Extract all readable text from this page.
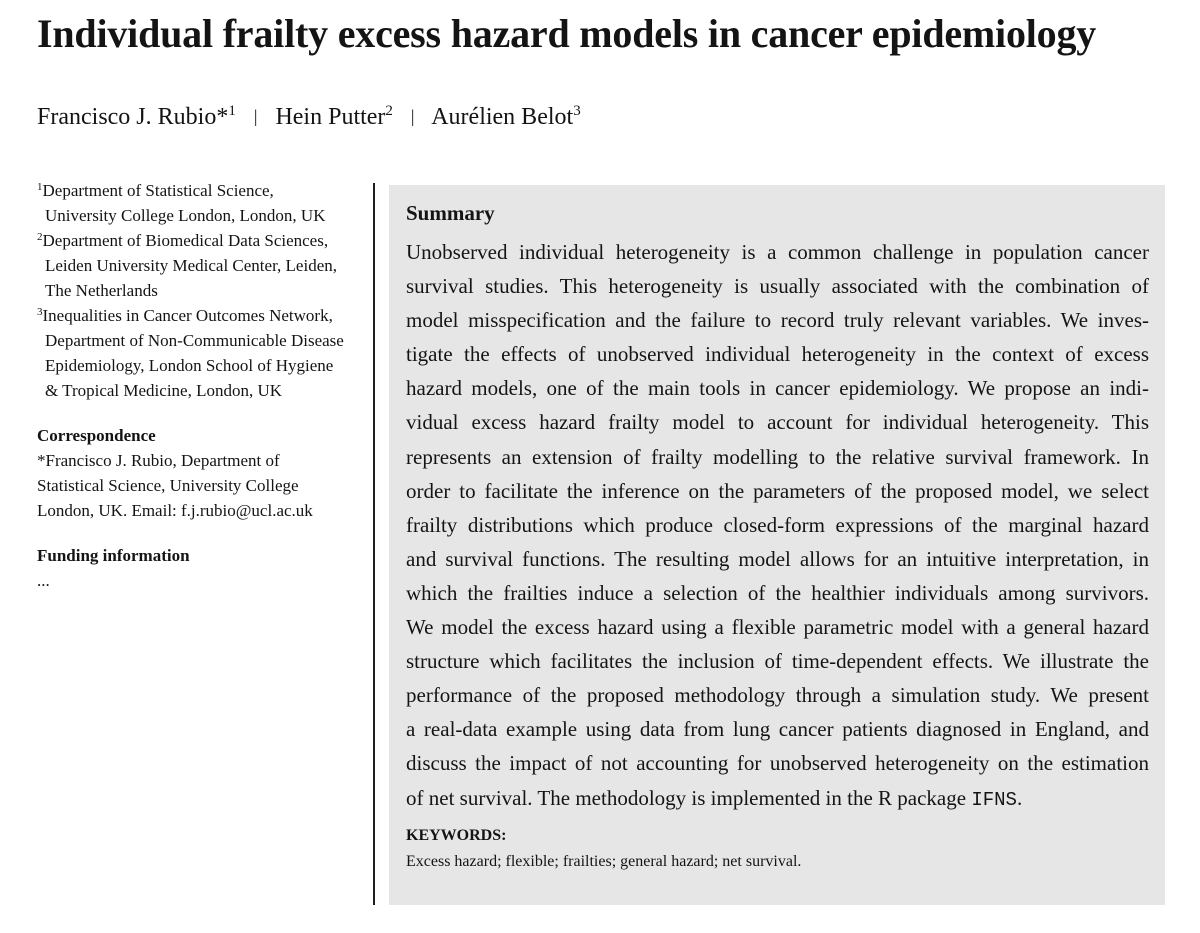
Individual frailty excess hazard models in cancer epidemiology
Francisco J. Rubio*$^1$ | Hein Putter$^2$ | Aurélien Belot$^3$
$^1$Department of Statistical Science,
University College London, London, UK
$^2$Department of Biomedical Data Sciences,
Leiden University Medical Center, Leiden,
The Netherlands
$^3$Inequalities in Cancer Outcomes Network,
Department of Non-Communicable Disease
Epidemiology, London School of Hygiene
& Tropical Medicine, London, UK

Correspondence

*Francisco J. Rubio, Department of
Statistical Science, University College
London, UK. Email: f.j.rubio@ucl.ac.uk

Funding information

...
Summary
Unobserved individual heterogeneity is a common challenge in population cancer
survival studies. This heterogeneity is usually associated with the combination of
model misspecification and the failure to record truly relevant variables. We inves-
tigate the effects of unobserved individual heterogeneity in the context of excess
hazard models, one of the main tools in cancer epidemiology. We propose an indi-
vidual excess hazard frailty model to account for individual heterogeneity. This
represents an extension of frailty modelling to the relative survival framework. In
order to facilitate the inference on the parameters of the proposed model, we select
frailty distributions which produce closed-form expressions of the marginal hazard
and survival functions. The resulting model allows for an intuitive interpretation, in
which the frailties induce a selection of the healthier individuals among survivors.
We model the excess hazard using a flexible parametric model with a general hazard
structure which facilitates the inclusion of time-dependent effects. We illustrate the
performance of the proposed methodology through a simulation study. We present
a real-data example using data from lung cancer patients diagnosed in England, and
discuss the impact of not accounting for unobserved heterogeneity on the estimation
of net survival. The methodology is implemented in the R package IFNS.
KEYWORDS:
Excess hazard; flexible; frailties; general hazard; net survival.
